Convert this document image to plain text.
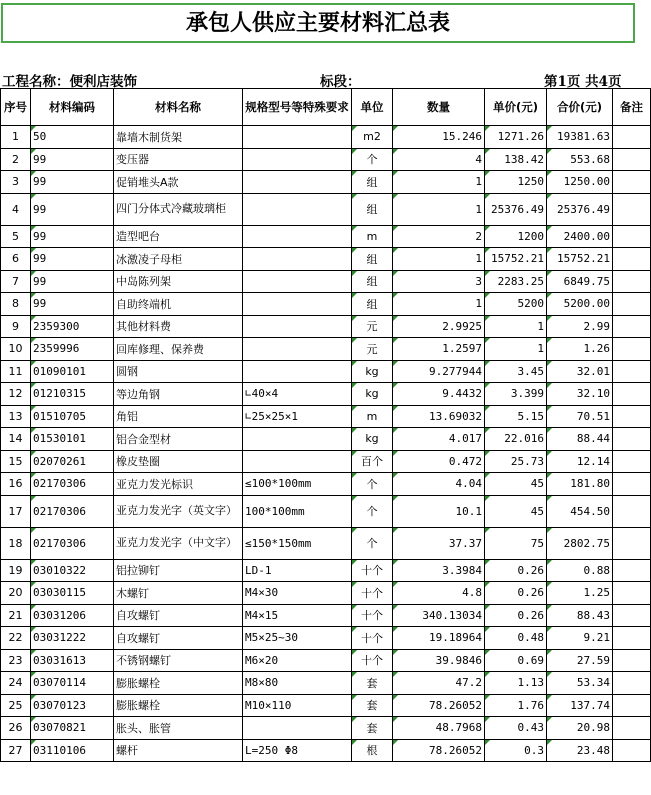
承包人供应主要材料汇总表
工程名称：便利店装饰	标段：	第1页 共4页
序号	材料编码	材料名称	规格型号等特殊要求	单位	数量	单价(元)	合价(元)	备注
1	50	靠墙木制货架		m2	15.246	1271.26	19381.63	
2	99	变压器		个	4	138.42	553.68	
3	99	促销堆头A款		组	1	1250	1250.00	
4	99	四门分体式冷藏玻璃柜		组	1	25376.49	25376.49	
5	99	造型吧台		m	2	1200	2400.00	
6	99	冰激凌子母柜		组	1	15752.21	15752.21	
7	99	中岛陈列架		组	3	2283.25	6849.75	
8	99	自助终端机		组	1	5200	5200.00	
9	2359300	其他材料费		元	2.9925	1	2.99	
10	2359996	回库修理、保养费		元	1.2597	1	1.26	
11	01090101	圆钢		kg	9.277944	3.45	32.01	
12	01210315	等边角钢	∟40×4	kg	9.4432	3.399	32.10	
13	01510705	角铝	∟25×25×1	m	13.69032	5.15	70.51	
14	01530101	铝合金型材		kg	4.017	22.016	88.44	
15	02070261	橡皮垫圈		百个	0.472	25.73	12.14	
16	02170306	亚克力发光标识	≤100*100mm	个	4.04	45	181.80	
17	02170306	亚克力发光字（英文字）	100*100mm	个	10.1	45	454.50	
18	02170306	亚克力发光字（中文字）	≤150*150mm	个	37.37	75	2802.75	
19	03010322	铝拉铆钉	LD-1	十个	3.3984	0.26	0.88	
20	03030115	木螺钉	M4×30	十个	4.8	0.26	1.25	
21	03031206	自攻螺钉	M4×15	十个	340.13034	0.26	88.43	
22	03031222	自攻螺钉	M5×25~30	十个	19.18964	0.48	9.21	
23	03031613	不锈钢螺钉	M6×20	十个	39.9846	0.69	27.59	
24	03070114	膨胀螺栓	M8×80	套	47.2	1.13	53.34	
25	03070123	膨胀螺栓	M10×110	套	78.26052	1.76	137.74	
26	03070821	胀头、胀管		套	48.7968	0.43	20.98	
27	03110106	螺杆	L=250 Φ8	根	78.26052	0.3	23.48	
